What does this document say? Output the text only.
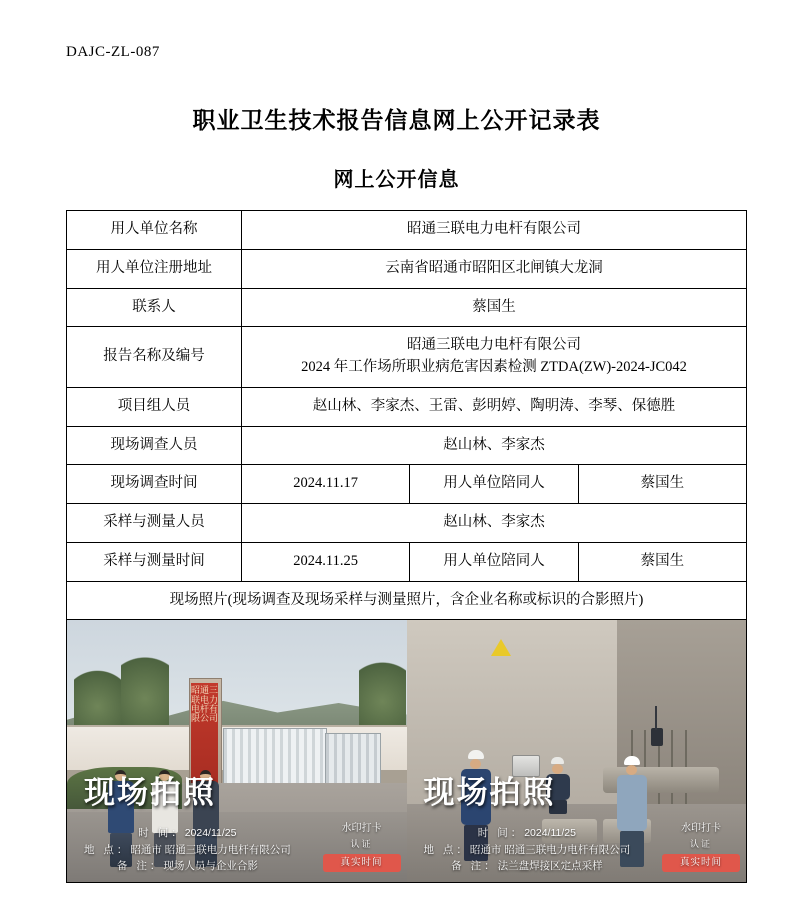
DAJC-ZL-087
职业卫生技术报告信息网上公开记录表
网上公开信息
用人单位名称	昭通三联电力电杆有限公司		
用人单位注册地址	云南省昭通市昭阳区北闸镇大龙洞		
联系人	蔡国生		
报告名称及编号	昭通三联电力电杆有限公司
2024 年工作场所职业病危害因素检测 ZTDA(ZW)-2024-JC042		

项目组人员	赵山林、李家杰、王雷、彭明婷、陶明涛、李琴、保德胜		
现场调查人员	赵山林、李家杰		
现场调查时间	2024.11.17	用人单位陪同人	蔡国生
采样与测量人员	赵山林、李家杰		
采样与测量时间	2024.11.25	用人单位陪同人	蔡国生
现场照片(现场调查及现场采样与测量照片，含企业名称或标识的合影照片)			

昭通三联电力电杆有限公司
现场拍照
时 间：2024/11/25
地 点：昭通市 昭通三联电力电杆有限公司
备 注：现场人员与企业合影
水印打卡
认证
真实时间
现场拍照
时 间：2024/11/25
地 点：昭通市 昭通三联电力电杆有限公司
备 注：法兰盘焊接区定点采样
水印打卡
认证
真实时间
